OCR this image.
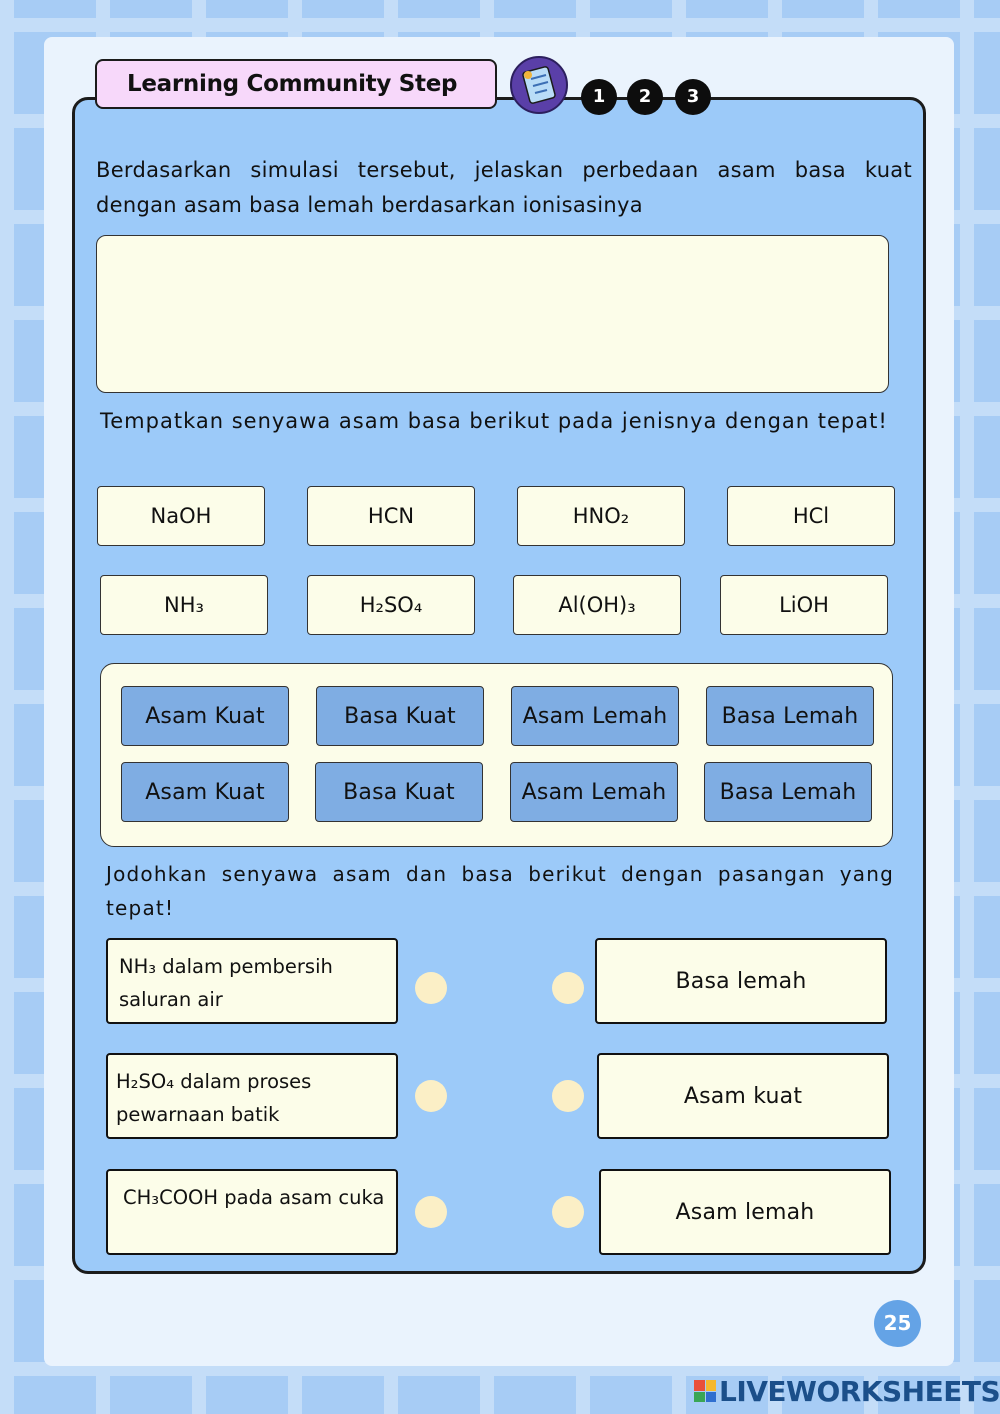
Learning Community Step	1	2	3

Berdasarkan simulasi tersebut, jelaskan perbedaan asam basa kuat dengan asam basa lemah berdasarkan ionisasinya

Tempatkan senyawa asam basa berikut pada jenisnya dengan tepat!

NaOH	HCN	HNO₂	HCl
NH₃	H₂SO₄	Al(OH)₃	LiOH
Asam Kuat	Basa Kuat	Asam Lemah	Basa Lemah
Asam Kuat	Basa Kuat	Asam Lemah	Basa Lemah

Jodohkan senyawa asam dan basa berikut dengan pasangan yang tepat!

NH₃ dalam pembersih saluran air
H₂SO₄ dalam proses pewarnaan batik
CH₃COOH pada asam cuka
Basa lemah
Asam kuat
Asam lemah
25
LIVEWORKSHEETS
